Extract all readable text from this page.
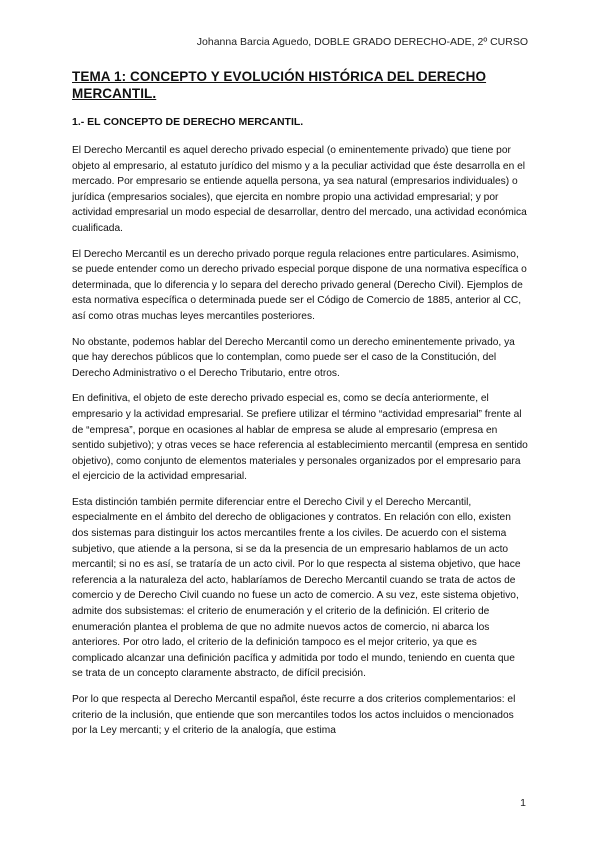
Johanna Barcia Aguedo, DOBLE GRADO DERECHO-ADE, 2º CURSO
TEMA 1: CONCEPTO Y EVOLUCIÓN HISTÓRICA DEL DERECHO MERCANTIL.
1.- EL CONCEPTO DE DERECHO MERCANTIL.

El Derecho Mercantil es aquel derecho privado especial (o eminentemente privado) que tiene por objeto al empresario, al estatuto jurídico del mismo y a la peculiar actividad que éste desarrolla en el mercado. Por empresario se entiende aquella persona, ya sea natural (empresarios individuales) o jurídica (empresarios sociales), que ejercita en nombre propio una actividad empresarial; y por actividad empresarial un modo especial de desarrollar, dentro del mercado, una actividad económica cualificada.

El Derecho Mercantil es un derecho privado porque regula relaciones entre particulares. Asimismo, se puede entender como un derecho privado especial porque dispone de una normativa específica o determinada, que lo diferencia y lo separa del derecho privado general (Derecho Civil). Ejemplos de esta normativa específica o determinada puede ser el Código de Comercio de 1885, anterior al CC, así como otras muchas leyes mercantiles posteriores.

No obstante, podemos hablar del Derecho Mercantil como un derecho eminentemente privado, ya que hay derechos públicos que lo contemplan, como puede ser el caso de la Constitución, del Derecho Administrativo o el Derecho Tributario, entre otros.

En definitiva, el objeto de este derecho privado especial es, como se decía anteriormente, el empresario y la actividad empresarial. Se prefiere utilizar el término “actividad empresarial” frente al de “empresa”, porque en ocasiones al hablar de empresa se alude al empresario (empresa en sentido subjetivo); y otras veces se hace referencia al establecimiento mercantil (empresa en sentido objetivo), como conjunto de elementos materiales y personales organizados por el empresario para el ejercicio de la actividad empresarial.

Esta distinción también permite diferenciar entre el Derecho Civil y el Derecho Mercantil, especialmente en el ámbito del derecho de obligaciones y contratos. En relación con ello, existen dos sistemas para distinguir los actos mercantiles frente a los civiles. De acuerdo con el sistema subjetivo, que atiende a la persona, si se da la presencia de un empresario hablamos de un acto mercantil; si no es así, se trataría de un acto civil. Por lo que respecta al sistema objetivo, que hace referencia a la naturaleza del acto, hablaríamos de Derecho Mercantil cuando se trata de actos de comercio y de Derecho Civil cuando no fuese un acto de comercio. A su vez, este sistema objetivo, admite dos subsistemas: el criterio de enumeración y el criterio de la definición. El criterio de enumeración plantea el problema de que no admite nuevos actos de comercio, ni abarca los anteriores. Por otro lado, el criterio de la definición tampoco es el mejor criterio, ya que es complicado alcanzar una definición pacífica y admitida por todo el mundo, teniendo en cuenta que se trata de un concepto claramente abstracto, de difícil precisión.

Por lo que respecta al Derecho Mercantil español, éste recurre a dos criterios complementarios: el criterio de la inclusión, que entiende que son mercantiles todos los actos incluidos o mencionados por la Ley mercanti; y el criterio de la analogía, que estima

1
